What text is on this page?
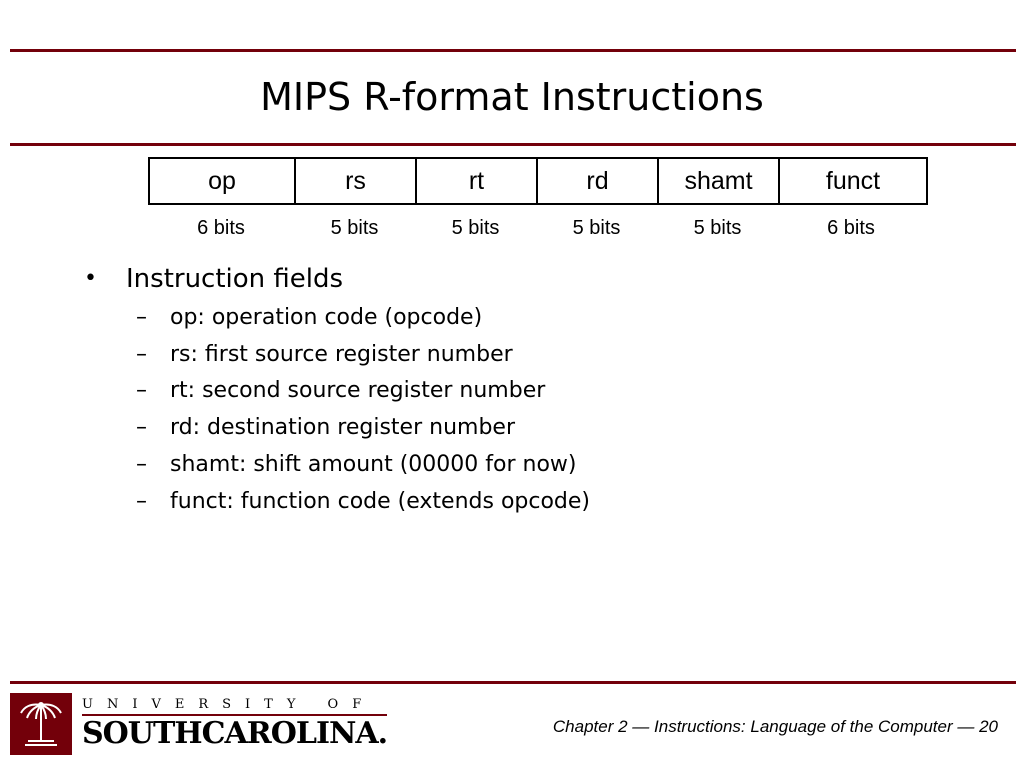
MIPS R-format Instructions
op	rs	rt	rd	shamt	funct
6 bits	5 bits	5 bits	5 bits	5 bits	6 bits
•	Instruction fields
–	op: operation code (opcode)
–	rs: first source register number
–	rt: second source register number
–	rd: destination register number
–	shamt: shift amount (00000 for now)
–	funct: function code (extends opcode)
UNIVERSITY OF
SOUTHCAROLINA.	Chapter 2 — Instructions: Language of the Computer — 20
